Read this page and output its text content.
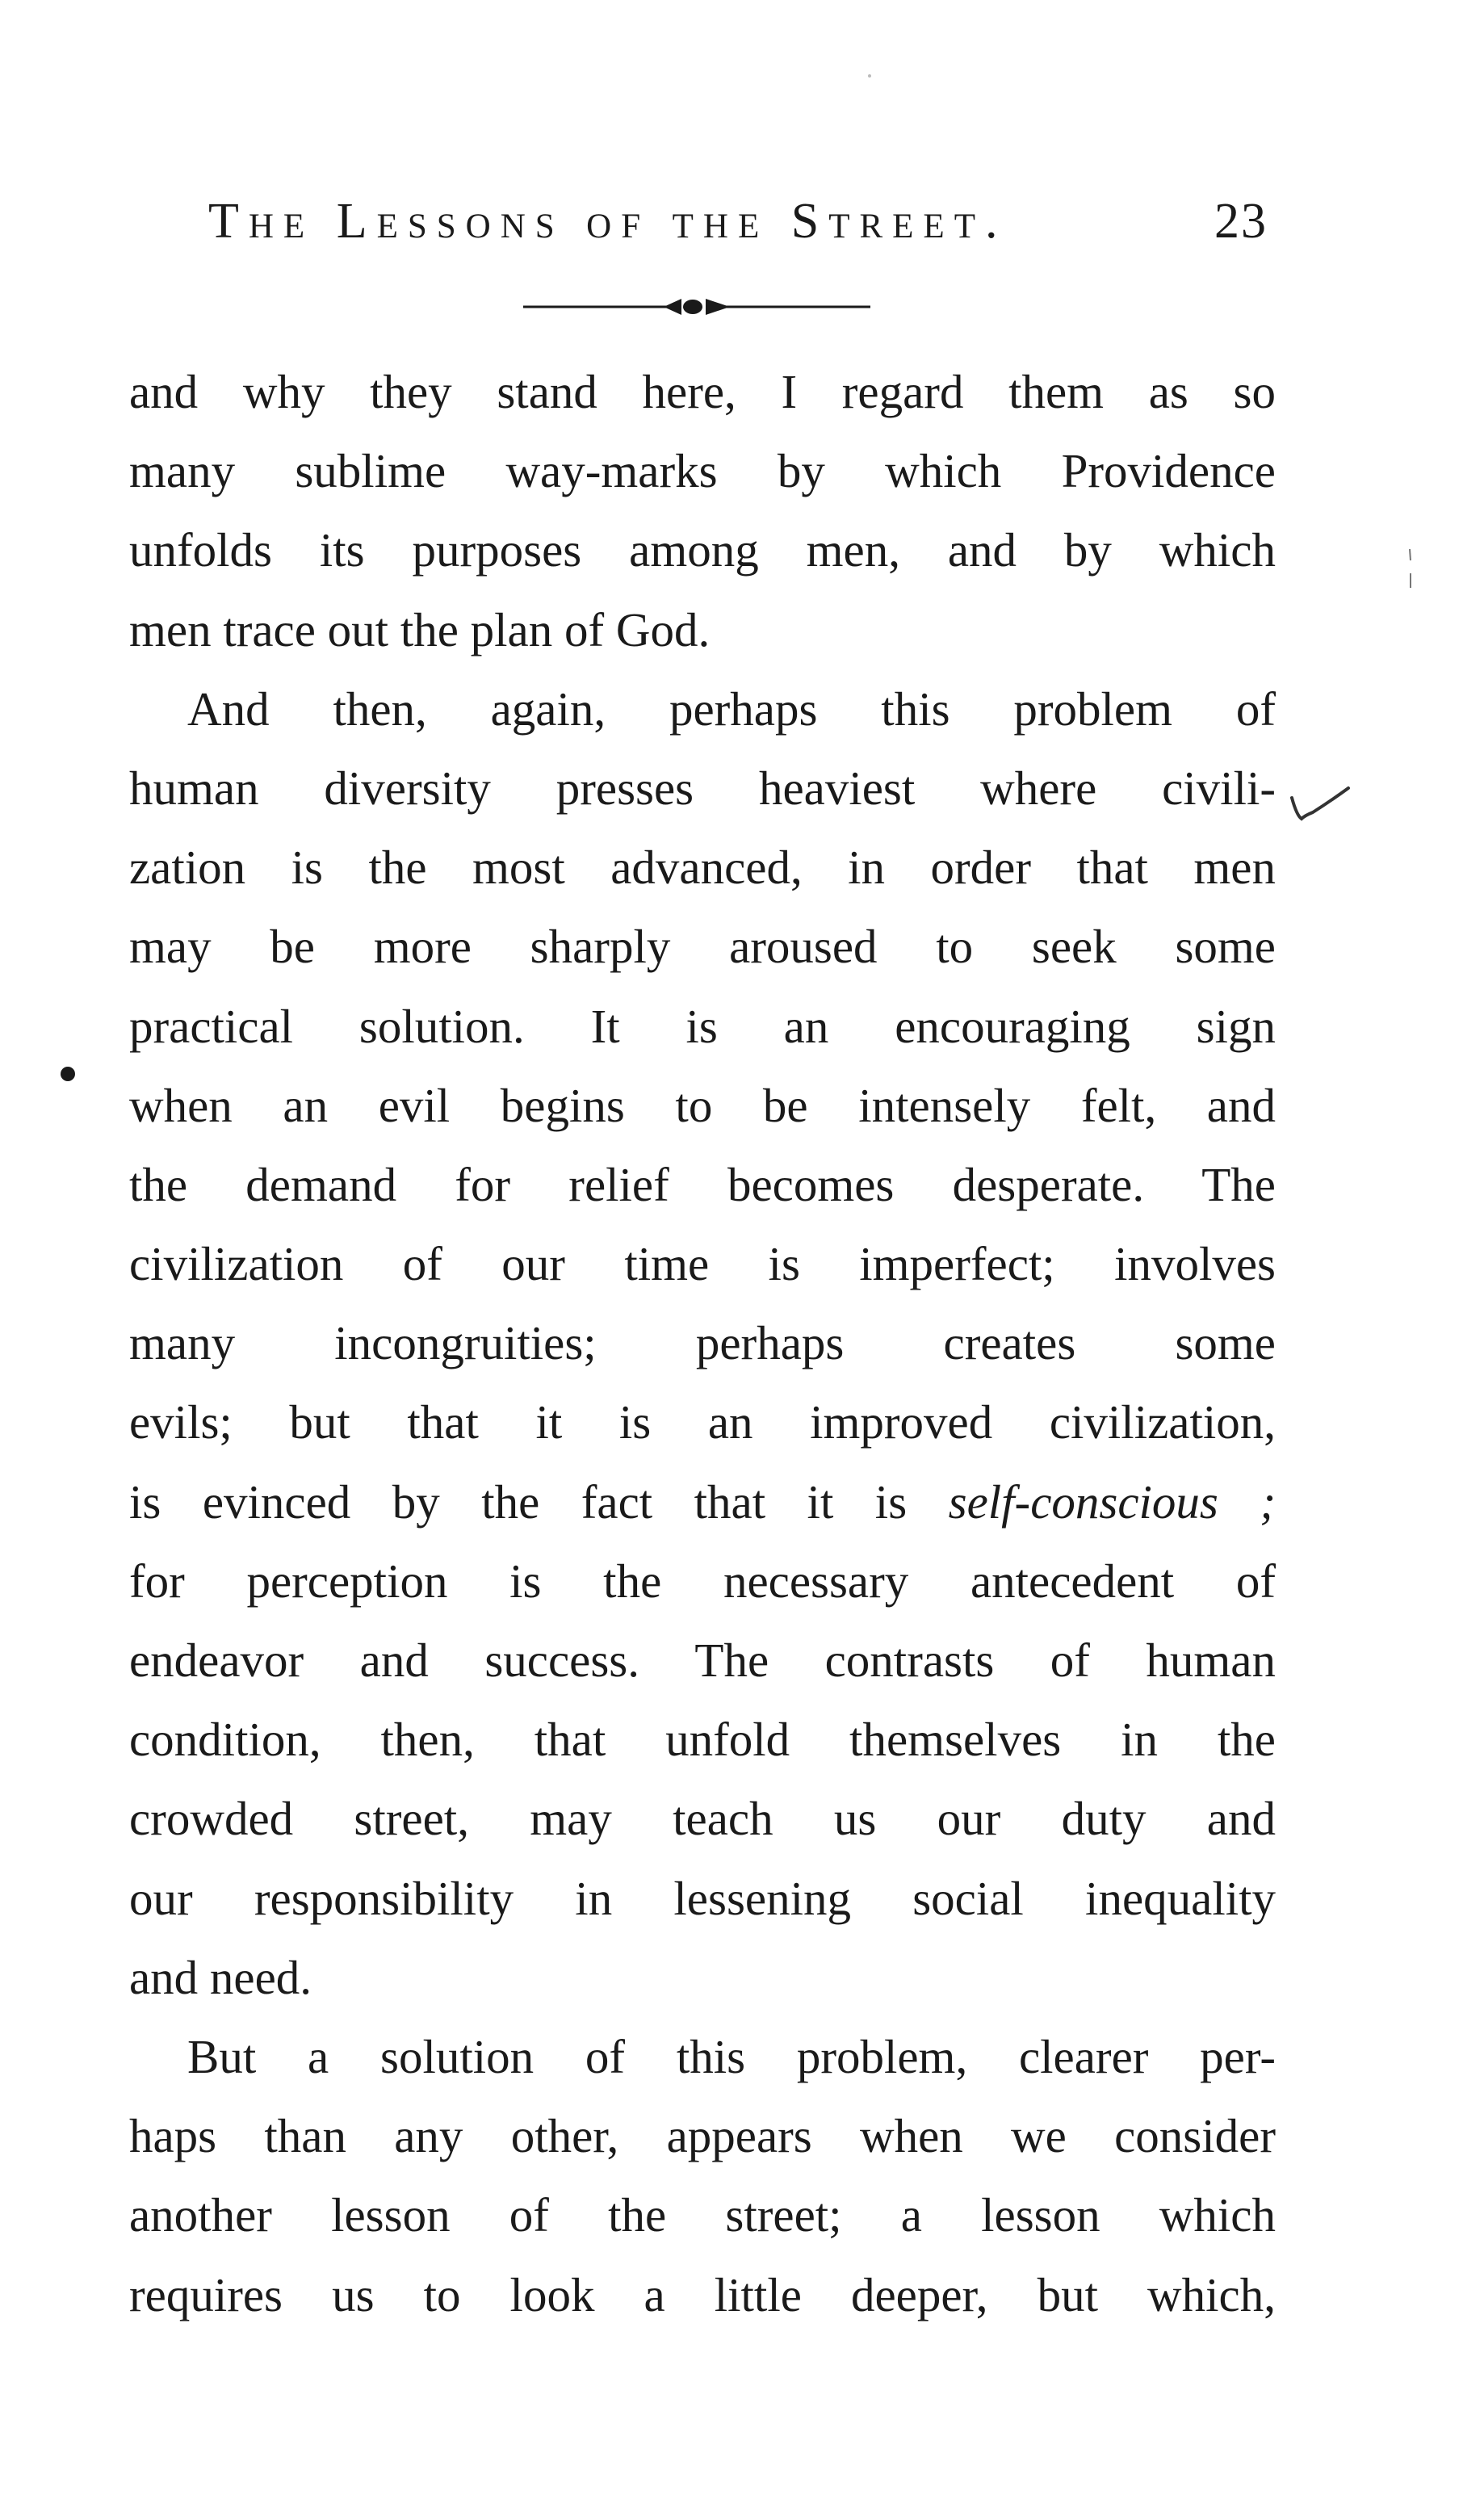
The Lessons of the Street.	23
and why they stand here, I regard them as so
many sublime way-marks by which Providence
unfolds its purposes among men, and by which
men trace out the plan of God.
And then, again, perhaps this problem of
human diversity presses heaviest where civili-
zation is the most advanced, in order that men
may be more sharply aroused to seek some
practical solution. It is an encouraging sign
when an evil begins to be intensely felt, and
the demand for relief becomes desperate. The
civilization of our time is imperfect; involves
many incongruities; perhaps creates some
evils; but that it is an improved civilization,
is evinced by the fact that it is self-conscious ;
for perception is the necessary antecedent of
endeavor and success. The contrasts of human
condition, then, that unfold themselves in the
crowded street, may teach us our duty and
our responsibility in lessening social inequality
and need.
But a solution of this problem, clearer per-
haps than any other, appears when we consider
another lesson of the street; a lesson which
requires us to look a little deeper, but which,
